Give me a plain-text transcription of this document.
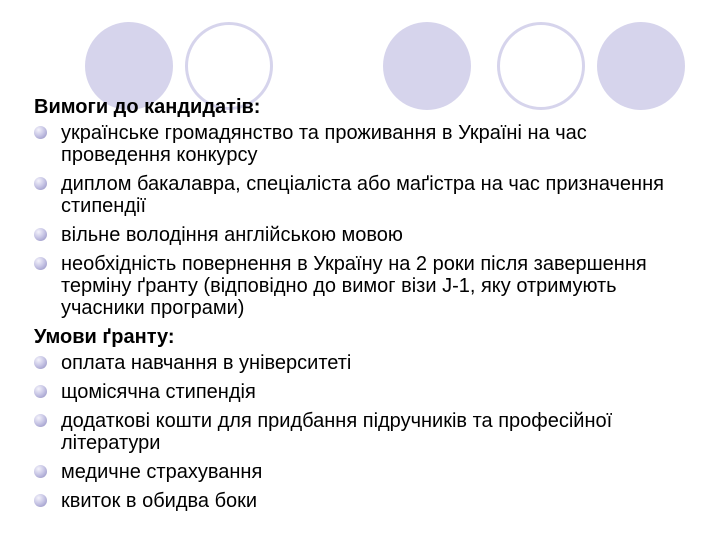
Вимоги до кандидатів:
українське громадянство та проживання в Україні на час проведення конкурсу
диплом бакалавра, спеціаліста або маґістра на час призначення стипендії
вільне володіння англійською мовою
необхідність повернення в Україну на 2 роки після завершення терміну ґранту (відповідно до вимог візи J-1, яку отримують учасники програми)
Умови ґранту:
оплата навчання в університеті
щомісячна стипендія
додаткові кошти для придбання підручників та професійної літератури
медичне страхування
квиток в обидва боки
